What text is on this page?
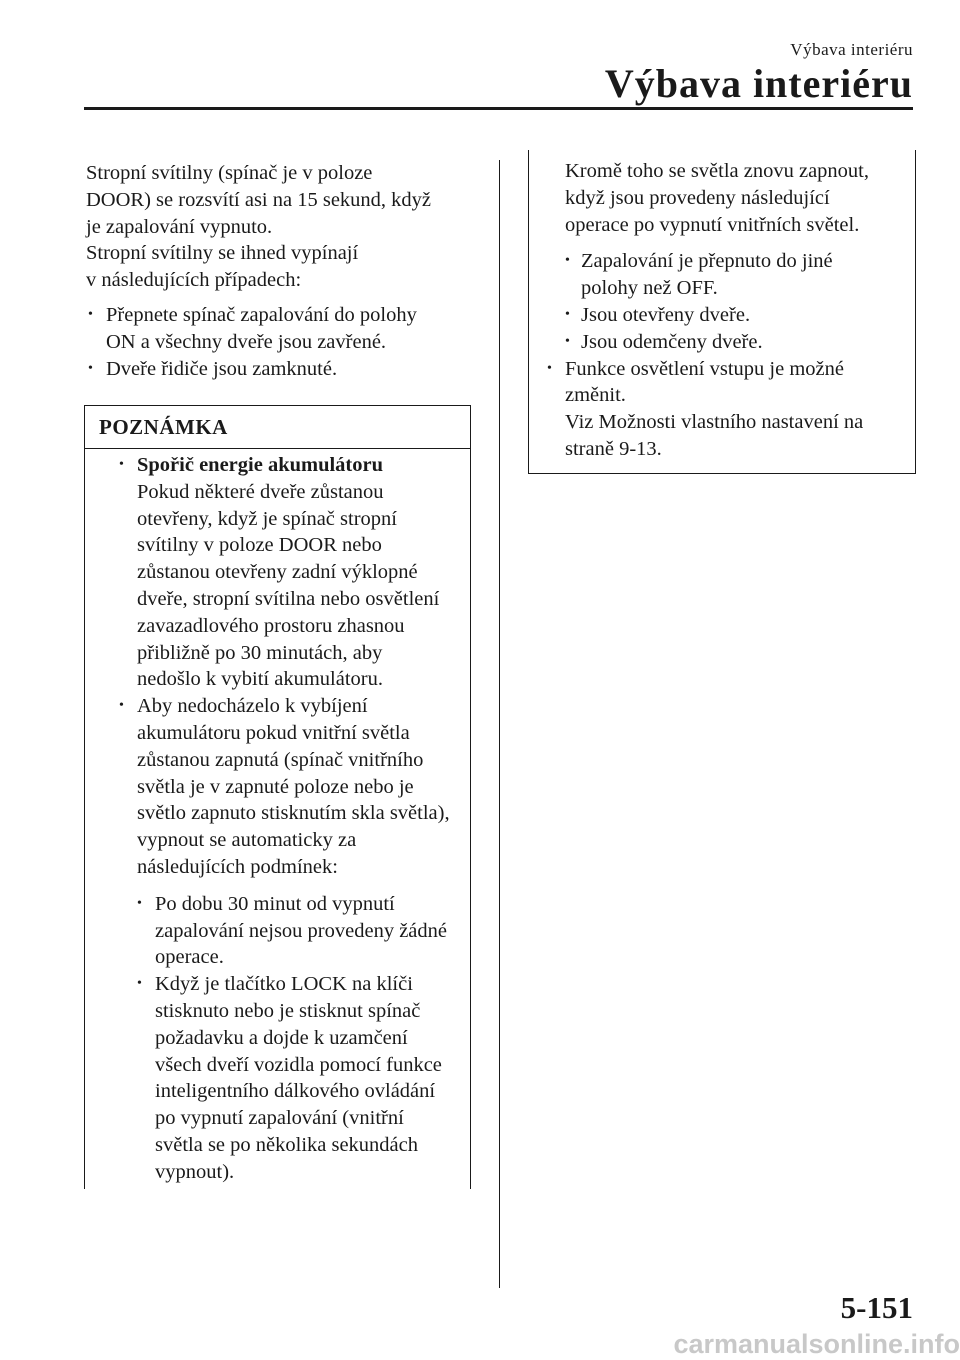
Výbava interiéru
Výbava interiéru
Stropní svítilny (spínač je v poloze
DOOR) se rozsvítí asi na 15 sekund, když
je zapalování vypnuto.
Stropní svítilny se ihned vypínají
v následujících případech:
• Přepnete spínač zapalování do polohy
ON a všechny dveře jsou zavřené.
• Dveře řidiče jsou zamknuté.
POZNÁMKA
• Spořič energie akumulátoru
Pokud některé dveře zůstanou
otevřeny, když je spínač stropní
svítilny v poloze DOOR nebo
zůstanou otevřeny zadní výklopné
dveře, stropní svítilna nebo osvětlení
zavazadlového prostoru zhasnou
přibližně po 30 minutách, aby
nedošlo k vybití akumulátoru.
• Aby nedocházelo k vybíjení
akumulátoru pokud vnitřní světla
zůstanou zapnutá (spínač vnitřního
světla je v zapnuté poloze nebo je
světlo zapnuto stisknutím skla světla),
vypnout se automaticky za
následujících podmínek:
• Po dobu 30 minut od vypnutí
zapalování nejsou provedeny žádné
operace.
• Když je tlačítko LOCK na klíči
stisknuto nebo je stisknut spínač
požadavku a dojde k uzamčení
všech dveří vozidla pomocí funkce
inteligentního dálkového ovládání
po vypnutí zapalování (vnitřní
světla se po několika sekundách
vypnout).
Kromě toho se světla znovu zapnout,
když jsou provedeny následující
operace po vypnutí vnitřních světel.
• Zapalování je přepnuto do jiné
polohy než OFF.
• Jsou otevřeny dveře.
• Jsou odemčeny dveře.
• Funkce osvětlení vstupu je možné
změnit.
Viz Možnosti vlastního nastavení na
straně 9-13.
5-151
carmanualsonline.info
